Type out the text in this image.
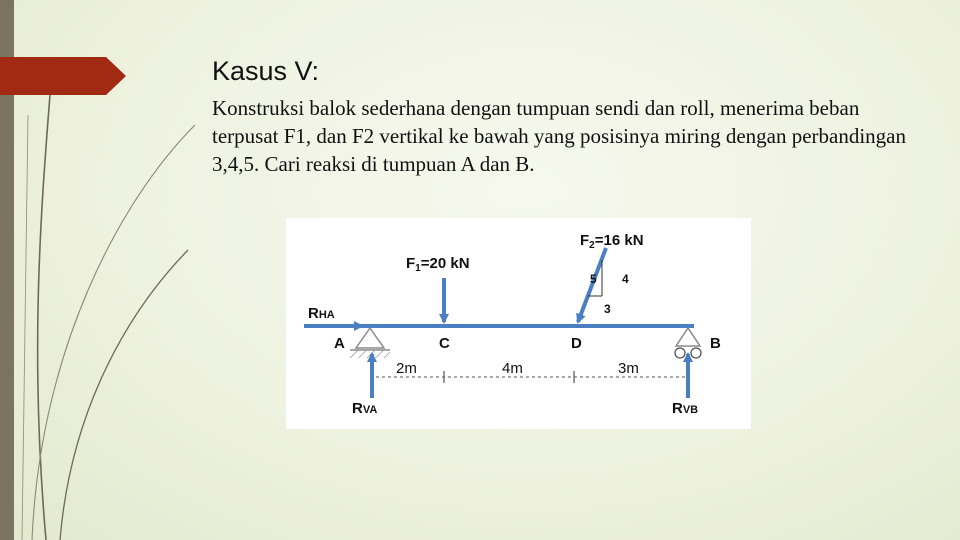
Kasus V:

Konstruksi balok sederhana dengan tumpuan sendi dan roll, menerima beban terpusat F1, dan F2 vertikal ke bawah yang posisinya miring dengan perbandingan 3,4,5. Cari reaksi di tumpuan A dan B.

$F_1=20$ kN
$F_2=16$ kN
5 4
3
RHA
A	C	D	B
2m	4m	3m
RVA	RVB
